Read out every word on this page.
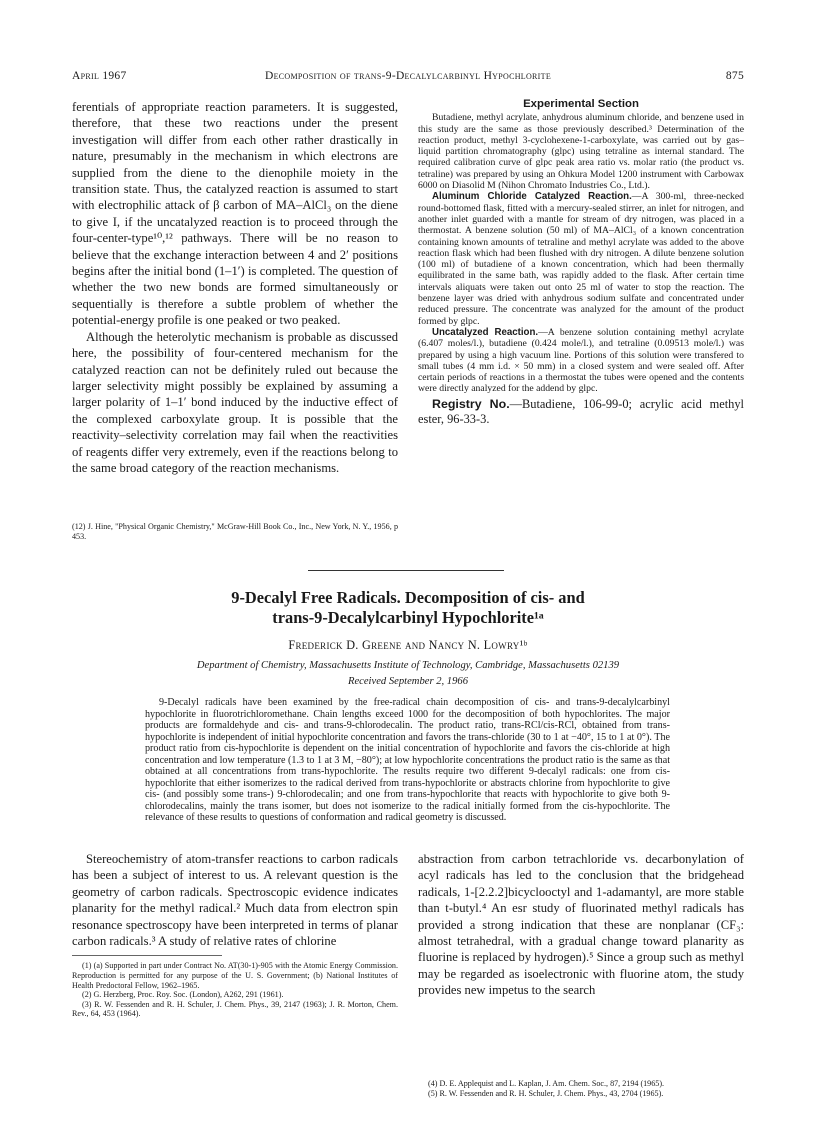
April 1967	Decomposition of trans-9-Decalylcarbinyl Hypochlorite	875

ferentials of appropriate reaction parameters. It is suggested, therefore, that these two reactions under the present investigation will differ from each other rather drastically in nature, presumably in the mechanism in which electrons are supplied from the diene to the dienophile moiety in the transition state. Thus, the catalyzed reaction is assumed to start with electrophilic attack of β carbon of MA–AlCl₃ on the diene to give I, if the uncatalyzed reaction is to proceed through the four-center-type¹⁰,¹² pathways. There will be no reason to believe that the exchange interaction between 4 and 2′ positions begins after the initial bond (1–1′) is completed. The question of whether the two new bonds are formed simultaneously or sequentially is therefore a subtle problem of whether the potential-energy profile is one peaked or two peaked.

Although the heterolytic mechanism is probable as discussed here, the possibility of four-centered mechanism for the catalyzed reaction can not be definitely ruled out because the larger selectivity might possibly be explained by assuming a larger polarity of 1–1′ bond induced by the inductive effect of the complexed carboxylate group. It is possible that the reactivity–selectivity correlation may fail when the reactivities of reagents differ very extremely, even if the reactions belong to the same broad category of the reaction mechanisms.

(12) J. Hine, "Physical Organic Chemistry," McGraw-Hill Book Co., Inc., New York, N. Y., 1956, p 453.
Experimental Section

Butadiene, methyl acrylate, anhydrous aluminum chloride, and benzene used in this study are the same as those previously described.³ Determination of the reaction product, methyl 3-cyclohexene-1-carboxylate, was carried out by gas–liquid partition chromatography (glpc) using tetraline as internal standard. The required calibration curve of glpc peak area ratio vs. molar ratio (the product vs. tetraline) was prepared by using an Ohkura Model 1200 instrument with Carbowax 6000 on Diasolid M (Nihon Chromato Industries Co., Ltd.).

Aluminum Chloride Catalyzed Reaction.—A 300-ml, three-necked round-bottomed flask, fitted with a mercury-sealed stirrer, an inlet for nitrogen, and another inlet guarded with a mantle for stream of dry nitrogen, was placed in a thermostat. A benzene solution (50 ml) of MA–AlCl₃ of a known concentration containing known amounts of tetraline and methyl acrylate was added to the above reaction flask which had been flushed with dry nitrogen. A dilute benzene solution (100 ml) of butadiene of a known concentration, which had been thermally equilibrated in the same bath, was rapidly added to the flask. After certain time intervals aliquats were taken out onto 25 ml of water to stop the reaction. The benzene layer was dried with anhydrous sodium sulfate and concentrated under reduced pressure. The concentrate was analyzed for the amount of the product formed by glpc.

Uncatalyzed Reaction.—A benzene solution containing methyl acrylate (6.407 moles/l.), butadiene (0.424 mole/l.), and tetraline (0.09513 mole/l.) was prepared by using a high vacuum line. Portions of this solution were transfered to small tubes (4 mm i.d. × 50 mm) in a closed system and were sealed off. After certain periods of reactions in a thermostat the tubes were opened and the contents were directly analyzed for the addend by glpc.

Registry No.—Butadiene, 106-99-0; acrylic acid methyl ester, 96-33-3.

9-Decalyl Free Radicals. Decomposition of cis- and
trans-9-Decalylcarbinyl Hypochlorite¹ᵃ
Frederick D. Greene and Nancy N. Lowry¹ᵇ
Department of Chemistry, Massachusetts Institute of Technology, Cambridge, Massachusetts 02139
Received September 2, 1966

9-Decalyl radicals have been examined by the free-radical chain decomposition of cis- and trans-9-decalylcarbinyl hypochlorite in fluorotrichloromethane. Chain lengths exceed 1000 for the decomposition of both hypochlorites. The major products are formaldehyde and cis- and trans-9-chlorodecalin. The product ratio, trans-RCl/cis-RCl, obtained from trans-hypochlorite is independent of initial hypochlorite concentration and favors the trans-chloride (30 to 1 at −40°, 15 to 1 at 0°). The product ratio from cis-hypochlorite is dependent on the initial concentration of hypochlorite and favors the cis-chloride at high concentration and low temperature (1.3 to 1 at 3 M, −80°); at low hypochlorite concentrations the product ratio is the same as that obtained at all concentrations from trans-hypochlorite. The results require two different 9-decalyl radicals: one from cis-hypochlorite that either isomerizes to the radical derived from trans-hypochlorite or abstracts chlorine from hypochlorite to give cis- (and possibly some trans-) 9-chlorodecalin; and one from trans-hypochlorite that reacts with hypochlorite to give both 9-chlorodecalins, mainly the trans isomer, but does not isomerize to the radical initially formed from the cis-hypochlorite. The relevance of these results to questions of conformation and radical geometry is discussed.

Stereochemistry of atom-transfer reactions to carbon radicals has been a subject of interest to us. A relevant question is the geometry of carbon radicals. Spectroscopic evidence indicates planarity for the methyl radical.² Much data from electron spin resonance spectroscopy have been interpreted in terms of planar carbon radicals.³ A study of relative rates of chlorine

(1) (a) Supported in part under Contract No. AT(30-1)-905 with the Atomic Energy Commission. Reproduction is permitted for any purpose of the U. S. Government; (b) National Institutes of Health Predoctoral Fellow, 1962–1965.

(2) G. Herzberg, Proc. Roy. Soc. (London), A262, 291 (1961).

(3) R. W. Fessenden and R. H. Schuler, J. Chem. Phys., 39, 2147 (1963); J. R. Morton, Chem. Rev., 64, 453 (1964).

abstraction from carbon tetrachloride vs. decarbonylation of acyl radicals has led to the conclusion that the bridgehead radicals, 1-[2.2.2]bicyclooctyl and 1-adamantyl, are more stable than t-butyl.⁴ An esr study of fluorinated methyl radicals has provided a strong indication that these are nonplanar (CF₃: almost tetrahedral, with a gradual change toward planarity as fluorine is replaced by hydrogen).⁵ Since a group such as methyl may be regarded as isoelectronic with fluorine atom, the study provides new impetus to the search

(4) D. E. Applequist and L. Kaplan, J. Am. Chem. Soc., 87, 2194 (1965).

(5) R. W. Fessenden and R. H. Schuler, J. Chem. Phys., 43, 2704 (1965).
